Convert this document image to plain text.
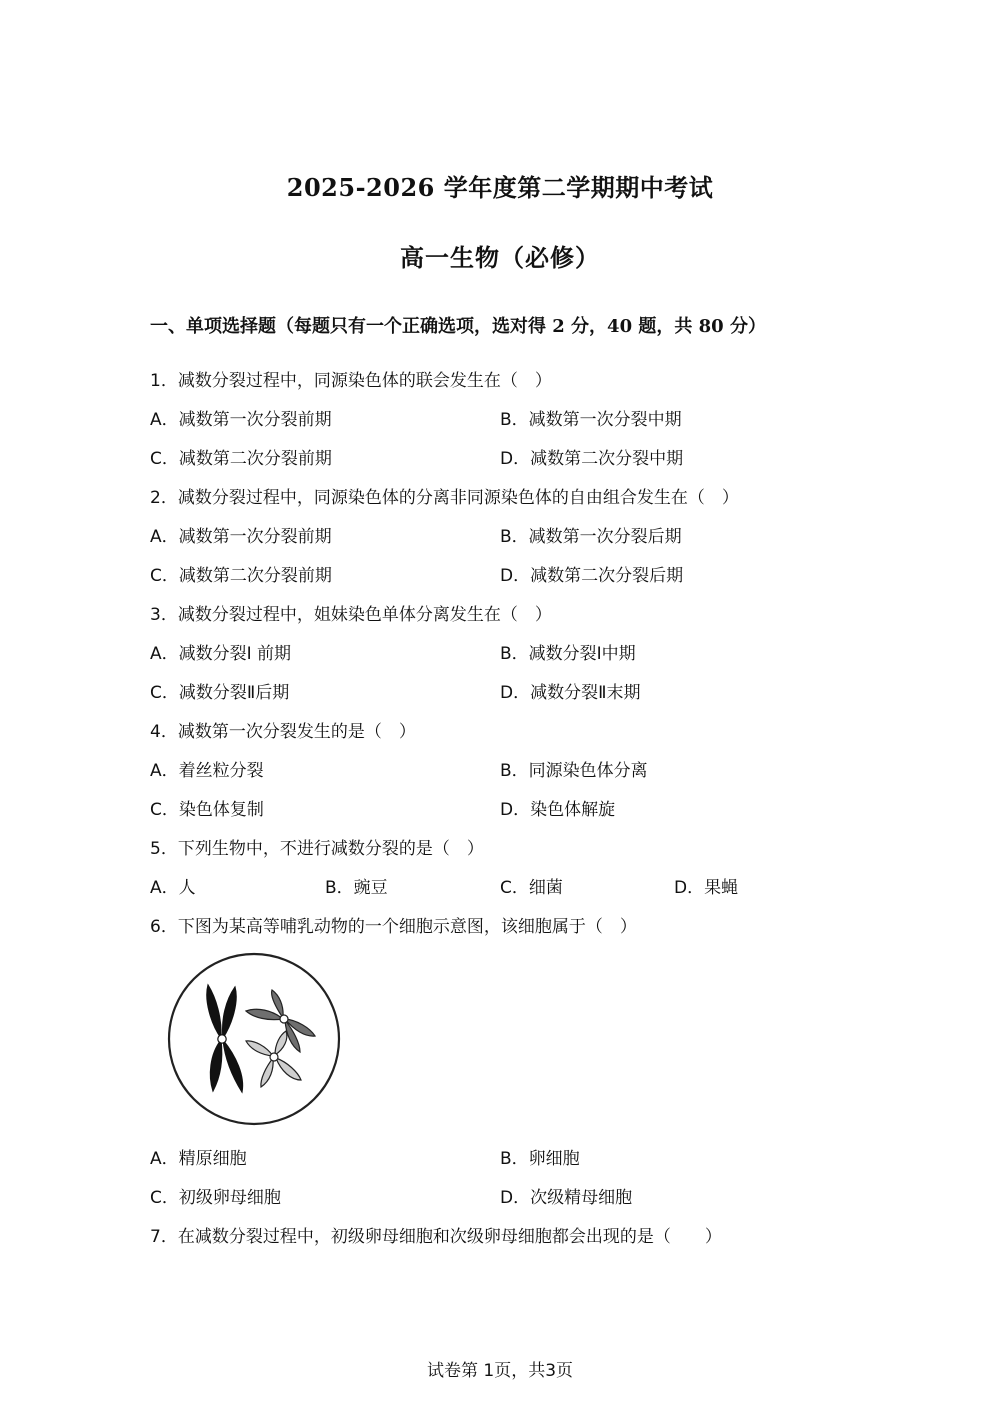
2025-2026 学年度第二学期期中考试
高一生物（必修）
一、单项选择题（每题只有一个正确选项，选对得 2 分，40 题，共 80 分）
1．减数分裂过程中，同源染色体的联会发生在（　）
A．减数第一次分裂前期	B．减数第一次分裂中期
C．减数第二次分裂前期	D．减数第二次分裂中期
2．减数分裂过程中，同源染色体的分离非同源染色体的自由组合发生在（　）
A．减数第一次分裂前期	B．减数第一次分裂后期
C．减数第二次分裂前期	D．减数第二次分裂后期
3．减数分裂过程中，姐妹染色单体分离发生在（　）
A．减数分裂Ⅰ 前期	B．减数分裂Ⅰ中期
C．减数分裂Ⅱ后期	D．减数分裂Ⅱ末期
4．减数第一次分裂发生的是（　）
A．着丝粒分裂	B．同源染色体分离
C．染色体复制	D．染色体解旋
5．下列生物中，不进行减数分裂的是（　）
A．人	B．豌豆	C．细菌	D．果蝇
6．下图为某高等哺乳动物的一个细胞示意图，该细胞属于（　）
A．精原细胞	B．卵细胞
C．初级卵母细胞	D．次级精母细胞
7．在减数分裂过程中，初级卵母细胞和次级卵母细胞都会出现的是（　　）
试卷第 1页，共3页
